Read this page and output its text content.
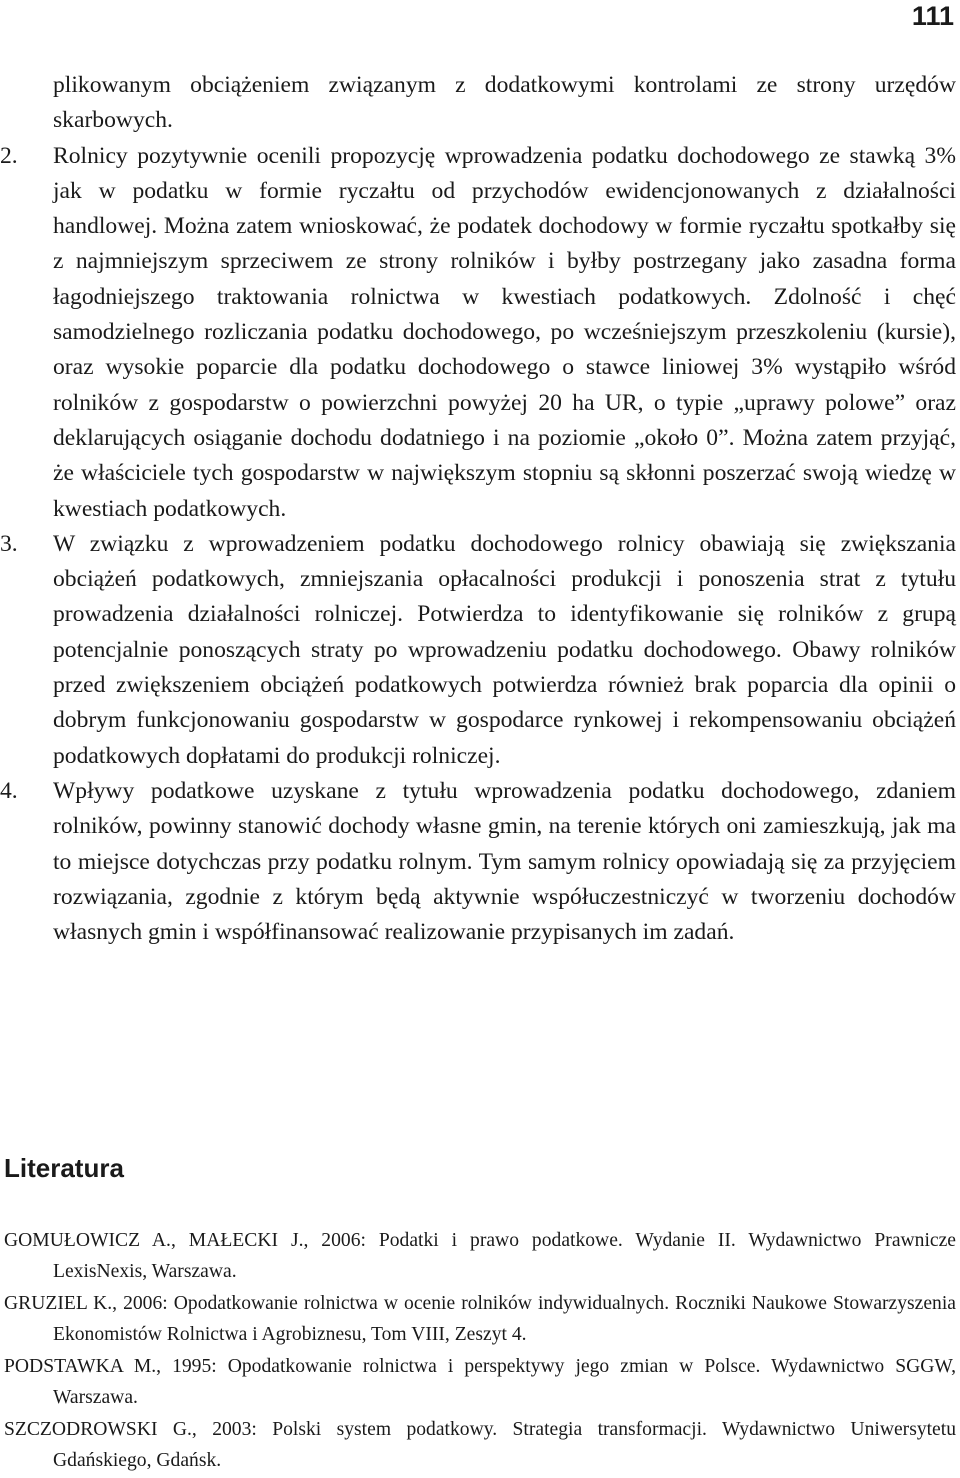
111
plikowanym obciążeniem związanym z dodatkowymi kontrolami ze strony urzędów skarbowych.
2. Rolnicy pozytywnie ocenili propozycję wprowadzenia podatku dochodowego ze stawką 3% jak w podatku w formie ryczałtu od przychodów ewidencjonowanych z działalności handlowej. Można zatem wnioskować, że podatek dochodowy w formie ryczałtu spotkałby się z najmniejszym sprzeciwem ze strony rolników i byłby postrzegany jako zasadna forma łagodniejszego traktowania rolnictwa w kwestiach podatkowych. Zdolność i chęć samodzielnego rozliczania podatku dochodowego, po wcześniejszym przeszkoleniu (kursie), oraz wysokie poparcie dla podatku dochodowego o stawce liniowej 3% wystąpiło wśród rolników z gospodarstw o powierzchni powyżej 20 ha UR, o typie „uprawy polowe” oraz deklarujących osiąganie dochodu dodatniego i na poziomie „około 0”. Można zatem przyjąć, że właściciele tych gospodarstw w największym stopniu są skłonni poszerzać swoją wiedzę w kwestiach podatkowych.
3. W związku z wprowadzeniem podatku dochodowego rolnicy obawiają się zwiększania obciążeń podatkowych, zmniejszania opłacalności produkcji i ponoszenia strat z tytułu prowadzenia działalności rolniczej. Potwierdza to identyfikowanie się rolników z grupą potencjalnie ponoszących straty po wprowadzeniu podatku dochodowego. Obawy rolników przed zwiększeniem obciążeń podatkowych potwierdza również brak poparcia dla opinii o dobrym funkcjonowaniu gospodarstw w gospodarce rynkowej i rekompensowaniu obciążeń podatkowych dopłatami do produkcji rolniczej.
4. Wpływy podatkowe uzyskane z tytułu wprowadzenia podatku dochodowego, zdaniem rolników, powinny stanowić dochody własne gmin, na terenie których oni zamieszkują, jak ma to miejsce dotychczas przy podatku rolnym. Tym samym rolnicy opowiadają się za przyjęciem rozwiązania, zgodnie z którym będą aktywnie współuczestniczyć w tworzeniu dochodów własnych gmin i współfinansować realizowanie przypisanych im zadań.
Literatura
GOMUŁOWICZ A., MAŁECKI J., 2006: Podatki i prawo podatkowe. Wydanie II. Wydawnictwo Prawnicze LexisNexis, Warszawa.
GRUZIEL K., 2006: Opodatkowanie rolnictwa w ocenie rolników indywidualnych. Roczniki Naukowe Stowarzyszenia Ekonomistów Rolnictwa i Agrobiznesu, Tom VIII, Zeszyt 4.
PODSTAWKA M., 1995: Opodatkowanie rolnictwa i perspektywy jego zmian w Polsce. Wydawnictwo SGGW, Warszawa.
SZCZODROWSKI G., 2003: Polski system podatkowy. Strategia transformacji. Wydawnictwo Uniwersytetu Gdańskiego, Gdańsk.
